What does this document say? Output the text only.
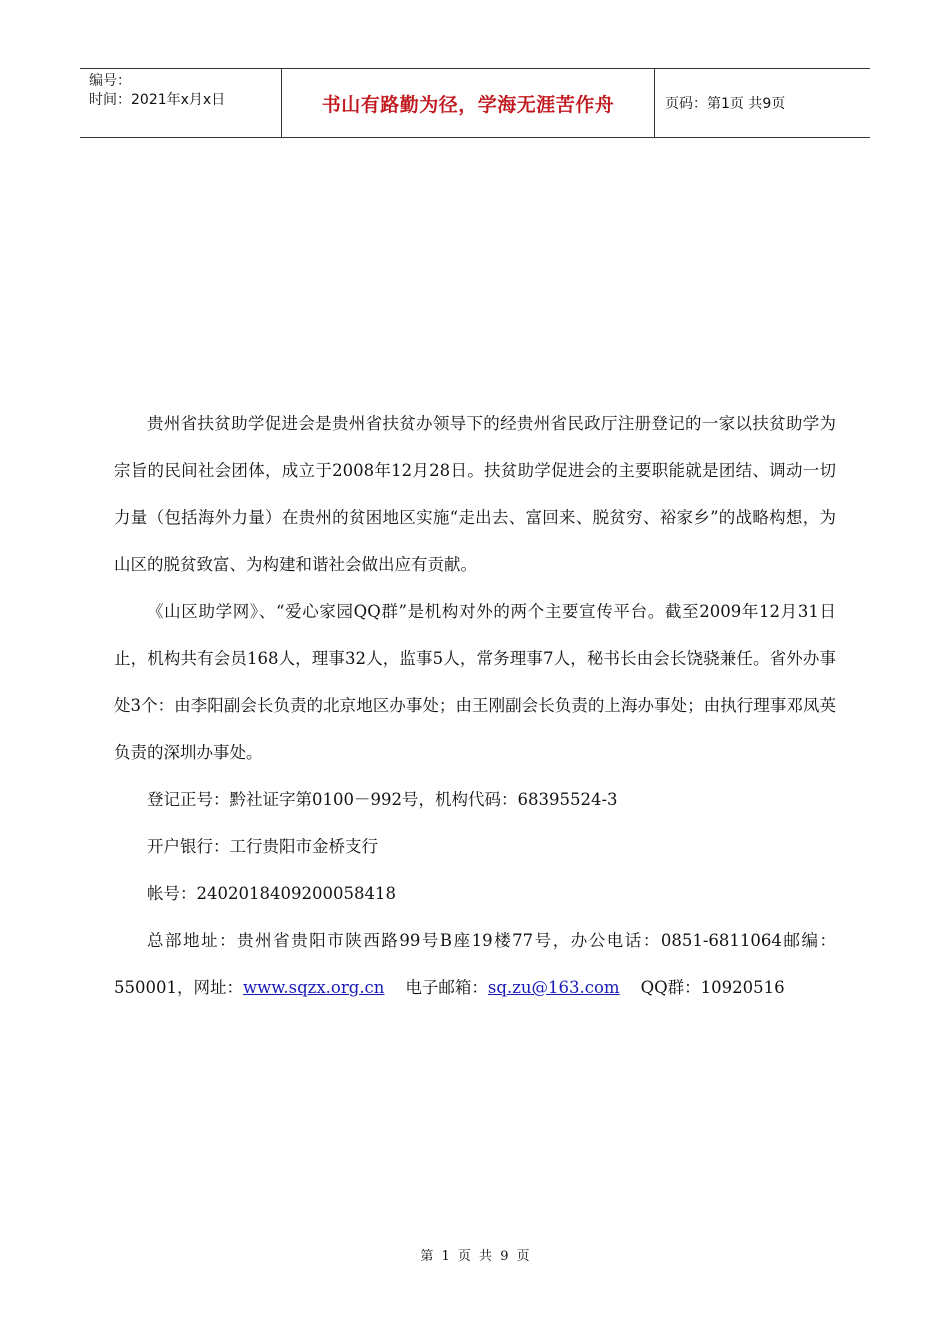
编号：
时间：2021年x月x日	书山有路勤为径，学海无涯苦作舟	页码：第1页 共9页

贵州省扶贫助学促进会是贵州省扶贫办领导下的经贵州省民政厅注册登记的一家以扶贫助学为宗旨的民间社会团体，成立于2008年12月28日。扶贫助学促进会的主要职能就是团结、调动一切力量（包括海外力量）在贵州的贫困地区实施“走出去、富回来、脱贫穷、裕家乡”的战略构想，为山区的脱贫致富、为构建和谐社会做出应有贡献。

《山区助学网》、“爱心家园QQ群”是机构对外的两个主要宣传平台。截至2009年12月31日止，机构共有会员168人，理事32人，监事5人，常务理事7人，秘书长由会长饶骁兼任。省外办事处3个：由李阳副会长负责的北京地区办事处；由王刚副会长负责的上海办事处；由执行理事邓凤英负责的深圳办事处。

登记正号：黔社证字第0100－992号，机构代码：68395524-3

开户银行：工行贵阳市金桥支行

帐号：2402018409200058418

总部地址：贵州省贵阳市陕西路99号B座19楼77号，办公电话：0851-6811064邮编：550001，网址：www.sqzx.org.cn 电子邮箱：sq.zu@163.com QQ群：10920516

第 1 页 共 9 页
